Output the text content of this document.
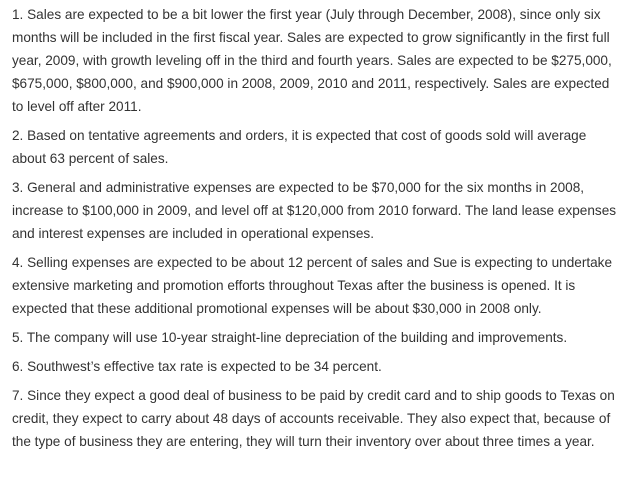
1. Sales are expected to be a bit lower the first year (July through December, 2008), since only six months will be included in the first fiscal year. Sales are expected to grow significantly in the first full year, 2009, with growth leveling off in the third and fourth years. Sales are expected to be $275,000, $675,000, $800,000, and $900,000 in 2008, 2009, 2010 and 2011, respectively. Sales are expected to level off after 2011.

2. Based on tentative agreements and orders, it is expected that cost of goods sold will average about 63 percent of sales.

3. General and administrative expenses are expected to be $70,000 for the six months in 2008, increase to $100,000 in 2009, and level off at $120,000 from 2010 forward. The land lease expenses and interest expenses are included in operational expenses.

4. Selling expenses are expected to be about 12 percent of sales and Sue is expecting to undertake extensive marketing and promotion efforts throughout Texas after the business is opened. It is expected that these additional promotional expenses will be about $30,000 in 2008 only.

5. The company will use 10-year straight-line depreciation of the building and improvements.

6. Southwest’s effective tax rate is expected to be 34 percent.

7. Since they expect a good deal of business to be paid by credit card and to ship goods to Texas on credit, they expect to carry about 48 days of accounts receivable. They also expect that, because of the type of business they are entering, they will turn their inventory over about three times a year.
